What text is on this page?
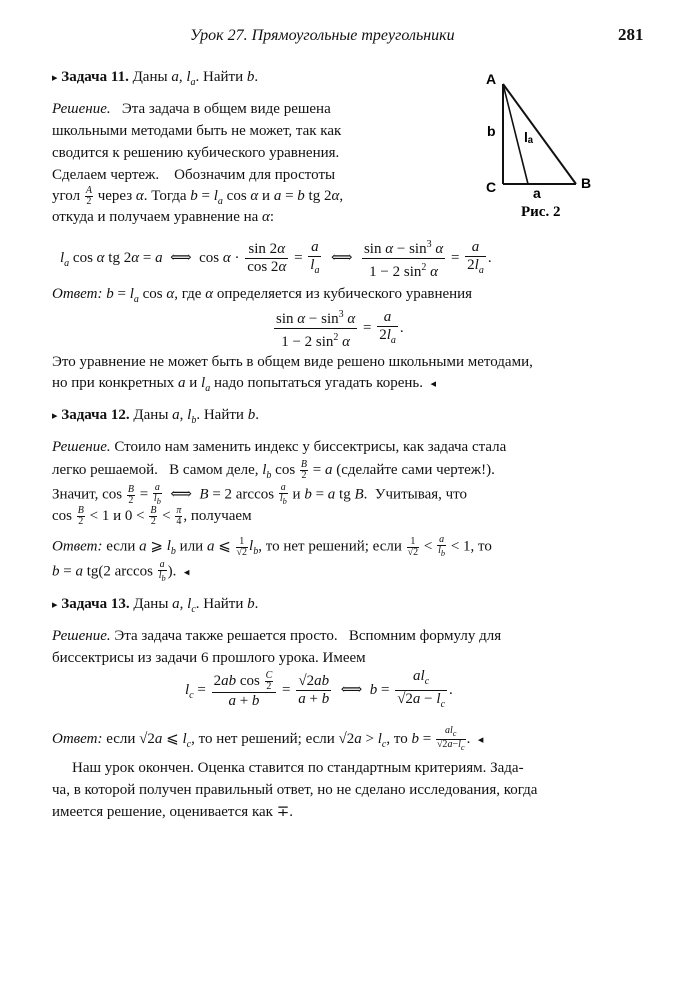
Урок 27. Прямоугольные треугольники	281
▸ Задача 11. Даны a, $l_a$. Найти b.
Решение.   Эта задача в общем виде решена
школьными методами быть не может, так как
сводится к решению кубического уравнения.
Сделаем чертеж.    Обозначим для простоты
угол $\frac{A}{2}$ через α. Тогда $b = l_a$ cos α и a = b tg 2α,
откуда и получаем уравнение на α:
A
C	B
b
a
lₐ
Рис. 2
$l_a$ cos α tg 2α = a  ⟺  $\cos \alpha \cdot \frac{\sin 2\alpha}{\cos 2\alpha} = \frac{a}{l_a}$ ⟺ $\frac{\sin \alpha - \sin^3 \alpha}{1 - 2 \sin^2 \alpha} = \frac{a}{2l_a}$ .
Ответ: $b = l_a$ cos α, где α определяется из кубического уравнения
$\frac{\sin \alpha - \sin^3 \alpha}{1 - 2 \sin^2 \alpha} = \frac{a}{2l_a}$ .
Это уравнение не может быть в общем виде решено школьными методами,
но при конкретных a и $l_a$ надо попытаться угадать корень.  ◂
▸ Задача 12. Даны a, $l_b$. Найти b.
Решение. Стоило нам заменить индекс у биссектрисы, как задача стала
легко решаемой.   В самом деле, $l_b$ $\cos \frac{B}{2} = a$ (сделайте сами чертеж!).
Значит, $\cos \frac{B}{2} = \frac{a}{l_b}$ ⟺  B = 2 $\arccos \frac{a}{l_b}$ и b = a tg B.  Учитывая, что
$\cos \frac{B}{2} < 1$ и $0 < \frac{B}{2} < \frac{\pi}{4}$ , получаем
Ответ: если a ⩾ $l_b$ или a ⩽ $\frac{1}{√2} l_b$, то нет решений; если $\frac{1}{√2} < \frac{a}{l_b} < 1$, то
b = a tg(2 $\arccos \frac{a}{l_b}$ ).  ◂
▸ Задача 13. Даны a, $l_c$. Найти b.
Решение. Эта задача также решается просто.   Вспомним формулу для
биссектрисы из задачи 6 прошлого урока. Имеем
$l_c = \frac{2ab \cos \frac{C}{2}}{a + b} = \frac{√2ab}{a + b}$ ⟺  $b = \frac{al_c}{√2a - l_c}$ .
Ответ: если √2a ⩽ $l_c$, то нет решений; если $√2a > l_c$, то b =
$al_c$
$√2a-l_c$
.  ◂
Наш урок окончен. Оценка ставится по стандартным критериям. Зада-
ча, в которой получен правильный ответ, но не сделано исследования, когда
имеется решение, оценивается как ∓.
